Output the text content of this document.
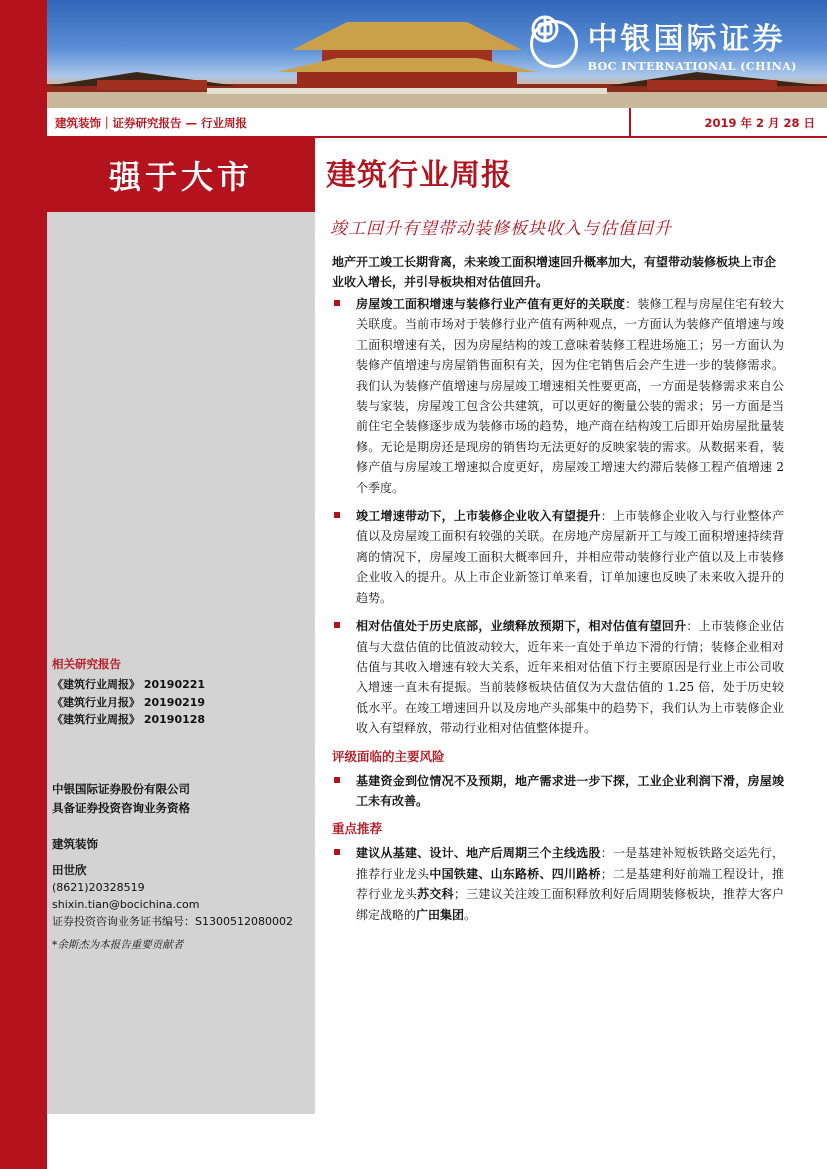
中银国际证券
BOC INTERNATIONAL (CHINA)
建筑装饰｜证券研究报告 — 行业周报	2019 年 2 月 28 日
强于大市	建筑行业周报
竣工回升有望带动装修板块收入与估值回升
地产开工竣工长期背离，未来竣工面积增速回升概率加大，有望带动装修板块上市企业收入增长，并引导板块相对估值回升。
房屋竣工面积增速与装修行业产值有更好的关联度：装修工程与房屋住宅有较大关联度。当前市场对于装修行业产值有两种观点，一方面认为装修产值增速与竣工面积增速有关，因为房屋结构的竣工意味着装修工程进场施工；另一方面认为装修产值增速与房屋销售面积有关，因为住宅销售后会产生进一步的装修需求。我们认为装修产值增速与房屋竣工增速相关性要更高，一方面是装修需求来自公装与家装，房屋竣工包含公共建筑，可以更好的衡量公装的需求；另一方面是当前住宅全装修逐步成为装修市场的趋势，地产商在结构竣工后即开始房屋批量装修。无论是期房还是现房的销售均无法更好的反映家装的需求。从数据来看，装修产值与房屋竣工增速拟合度更好，房屋竣工增速大约滞后装修工程产值增速 2 个季度。
竣工增速带动下，上市装修企业收入有望提升：上市装修企业收入与行业整体产值以及房屋竣工面积有较强的关联。在房地产房屋新开工与竣工面积增速持续背离的情况下，房屋竣工面积大概率回升，并相应带动装修行业产值以及上市装修企业收入的提升。从上市企业新签订单来看，订单加速也反映了未来收入提升的趋势。
相对估值处于历史底部，业绩释放预期下，相对估值有望回升：上市装修企业估值与大盘估值的比值波动较大，近年来一直处于单边下滑的行情；装修企业相对估值与其收入增速有较大关系，近年来相对估值下行主要原因是行业上市公司收入增速一直未有提振。当前装修板块估值仅为大盘估值的 1.25 倍，处于历史较低水平。在竣工增速回升以及房地产头部集中的趋势下，我们认为上市装修企业收入有望释放，带动行业相对估值整体提升。
评级面临的主要风险
基建资金到位情况不及预期，地产需求进一步下探，工业企业利润下滑，房屋竣工未有改善。
重点推荐
建议从基建、设计、地产后周期三个主线选股：一是基建补短板铁路交运先行，推荐行业龙头中国铁建、山东路桥、四川路桥；二是基建利好前端工程设计，推荐行业龙头苏交科；三建议关注竣工面积释放利好后周期装修板块，推荐大客户绑定战略的广田集团。
相关研究报告
《建筑行业周报》 20190221
《建筑行业月报》 20190219
《建筑行业周报》 20190128
中银国际证券股份有限公司
具备证券投资咨询业务资格
建筑装饰
田世欣
(8621)20328519
shixin.tian@bocichina.com
证券投资咨询业务证书编号：S1300512080002
*余斯杰为本报告重要贡献者
